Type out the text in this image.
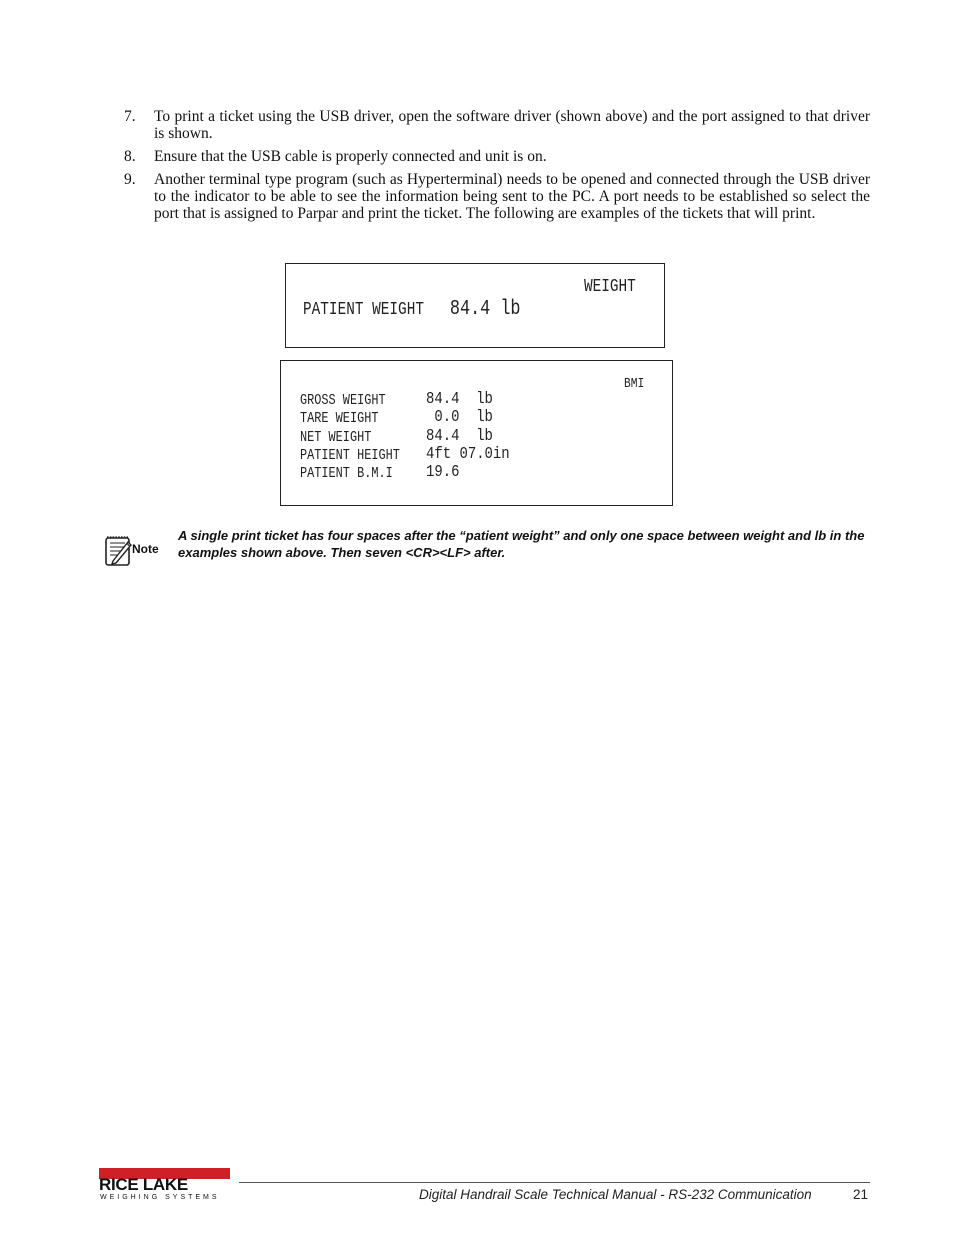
7. To print a ticket using the USB driver, open the software driver (shown above) and the port assigned to that driver is shown.
8. Ensure that the USB cable is properly connected and unit is on.
9. Another terminal type program (such as Hyperterminal) needs to be opened and connected through the USB driver to the indicator to be able to see the information being sent to the PC. A port needs to be established so select the port that is assigned to Parpar and print the ticket. The following are examples of the tickets that will print.
WEIGHT
PATIENT WEIGHT 84.4 lb
BMI
GROSS WEIGHT 84.4  lb
TARE WEIGHT	0.0  lb
NET WEIGHT	84.4  lb
PATIENT HEIGHT 4ft 07.0in
PATIENT B.M.I 19.6
Note
A single print ticket has four spaces after the “patient weight” and only one space between weight and lb in the examples shown above. Then seven <CR><LF> after.
RICE LAKE
WEIGHING SYSTEMS	Digital Handrail Scale Technical Manual - RS-232 Communication	21
